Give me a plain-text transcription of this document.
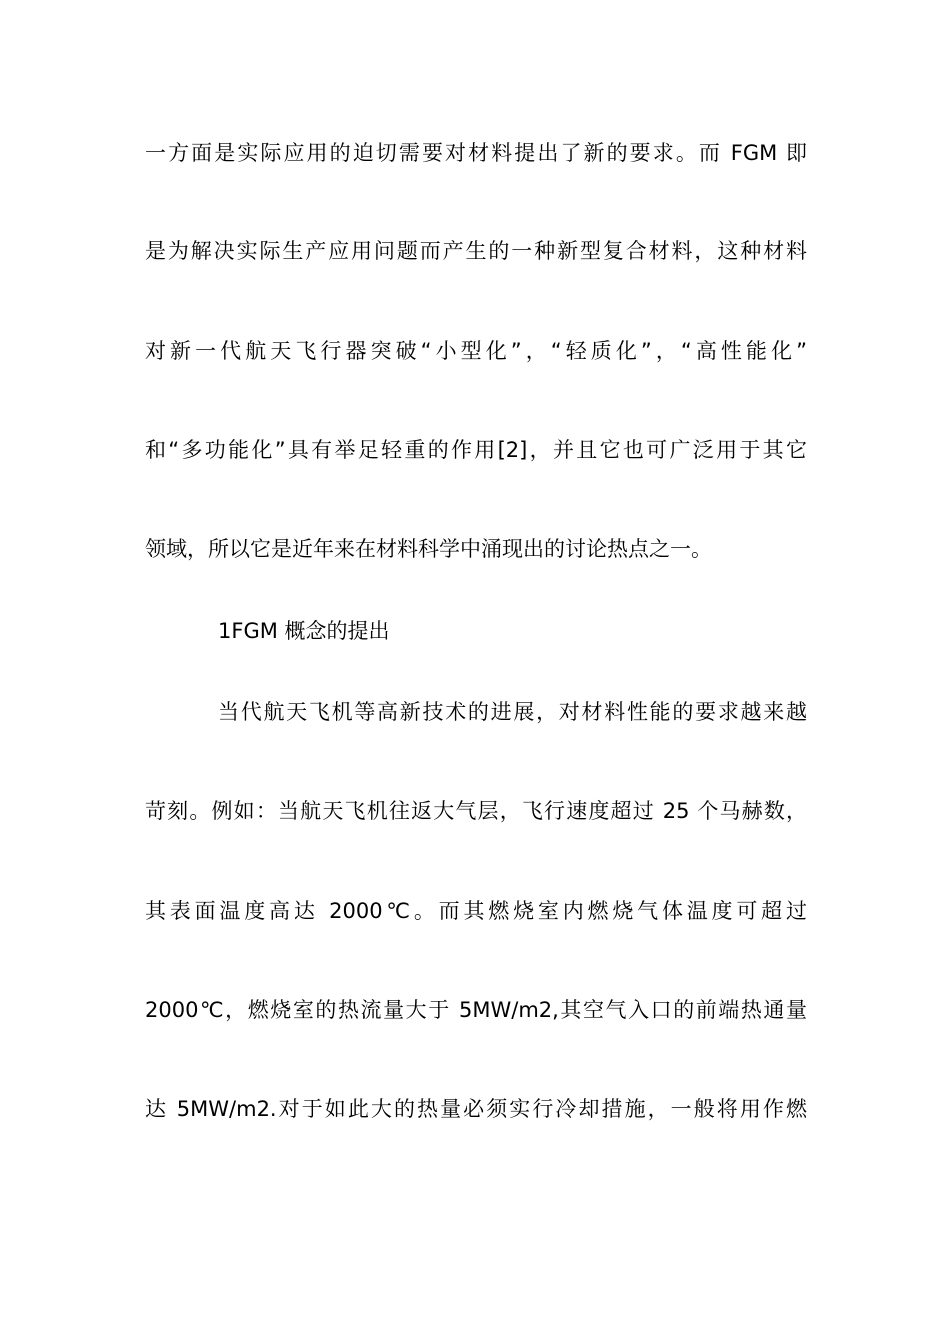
一方面是实际应用的迫切需要对材料提出了新的要求。而 FGM 即
是为解决实际生产应用问题而产生的一种新型复合材料，这种材料
对新一代航天飞行器突破“小型化”，“轻质化”，“高性能化”
和“多功能化”具有举足轻重的作用[2]，并且它也可广泛用于其它
领域，所以它是近年来在材料科学中涌现出的讨论热点之一。
1FGM 概念的提出
当代航天飞机等高新技术的进展，对材料性能的要求越来越
苛刻。例如：当航天飞机往返大气层，飞行速度超过 25 个马赫数，
其表面温度高达 2000℃。而其燃烧室内燃烧气体温度可超过
2000℃，燃烧室的热流量大于 5MW/m2,其空气入口的前端热通量
达 5MW/m2.对于如此大的热量必须实行冷却措施，一般将用作燃
